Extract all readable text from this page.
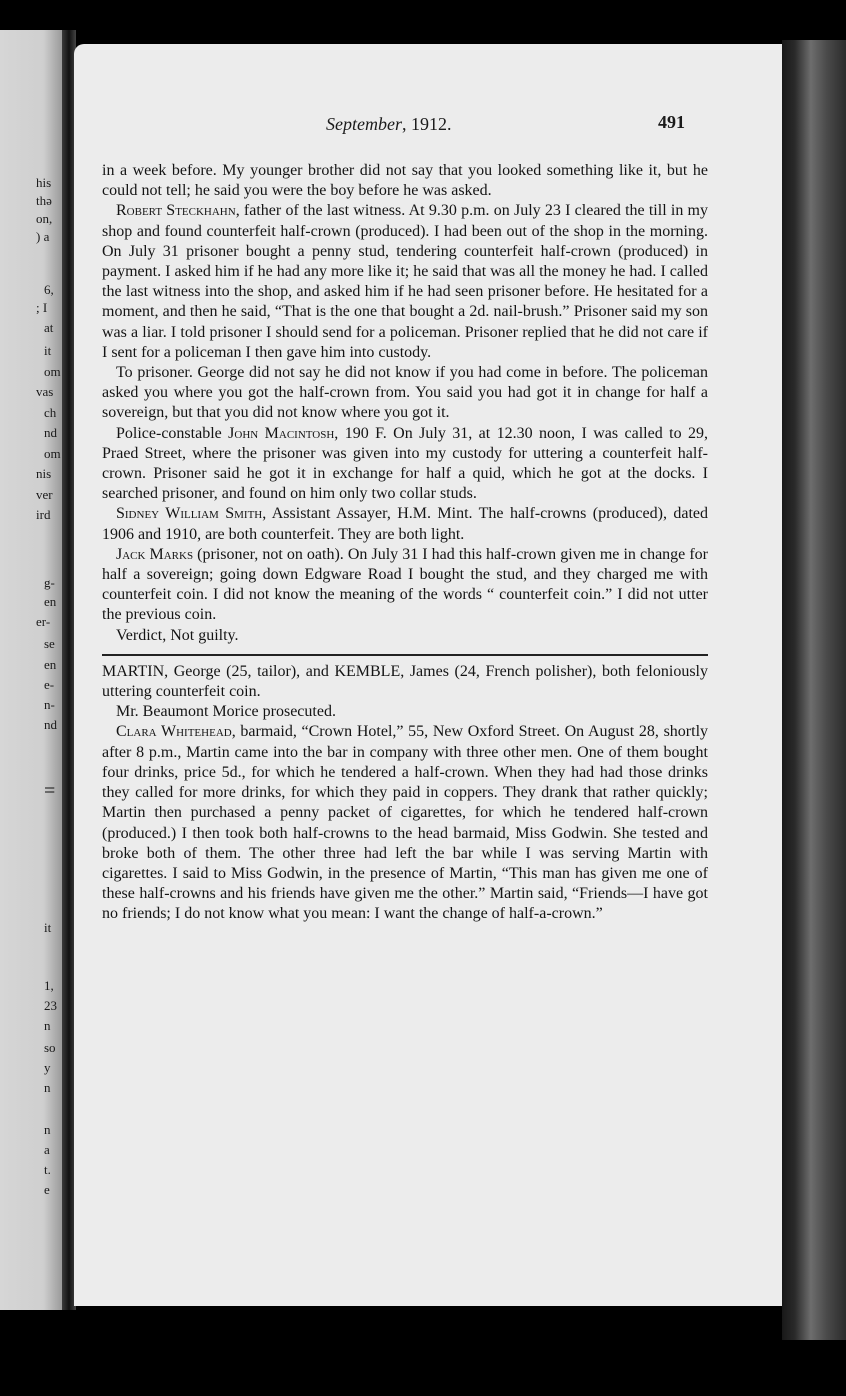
his
thə
on,
) a
6,
; I
at
it
om
vas
ch
nd
om
nis
ver
ird
g-
en
er-
se
en
e-
n-
nd
=
it
1,
23
n
so
y
n
n
a
t.
e
September, 1912.	491

in a week before. My younger brother did not say that you looked something like it, but he could not tell; he said you were the boy before he was asked.

Robert Steckhahn, father of the last witness. At 9.30 p.m. on July 23 I cleared the till in my shop and found counterfeit half-crown (produced). I had been out of the shop in the morning. On July 31 prisoner bought a penny stud, tendering counterfeit half-crown (produced) in payment. I asked him if he had any more like it; he said that was all the money he had. I called the last witness into the shop, and asked him if he had seen prisoner before. He hesitated for a moment, and then he said, “That is the one that bought a 2d. nail-brush.” Prisoner said my son was a liar. I told prisoner I should send for a policeman. Prisoner replied that he did not care if I sent for a policeman I then gave him into custody.

To prisoner. George did not say he did not know if you had come in before. The policeman asked you where you got the half-crown from. You said you had got it in change for half a sovereign, but that you did not know where you got it.

Police-constable John Macintosh, 190 F. On July 31, at 12.30 noon, I was called to 29, Praed Street, where the prisoner was given into my custody for uttering a counterfeit half-crown. Prisoner said he got it in exchange for half a quid, which he got at the docks. I searched prisoner, and found on him only two collar studs.

Sidney William Smith, Assistant Assayer, H.M. Mint. The half-crowns (produced), dated 1906 and 1910, are both counterfeit. They are both light.

Jack Marks (prisoner, not on oath). On July 31 I had this half-crown given me in change for half a sovereign; going down Edgware Road I bought the stud, and they charged me with counterfeit coin. I did not know the meaning of the words “ counterfeit coin.” I did not utter the previous coin.

Verdict, Not guilty.

MARTIN, George (25, tailor), and KEMBLE, James (24, French polisher), both feloniously uttering counterfeit coin.

Mr. Beaumont Morice prosecuted.

Clara Whitehead, barmaid, “Crown Hotel,” 55, New Oxford Street. On August 28, shortly after 8 p.m., Martin came into the bar in company with three other men. One of them bought four drinks, price 5d., for which he tendered a half-crown. When they had had those drinks they called for more drinks, for which they paid in coppers. They drank that rather quickly; Martin then purchased a penny packet of cigarettes, for which he tendered half-crown (produced.) I then took both half-crowns to the head barmaid, Miss Godwin. She tested and broke both of them. The other three had left the bar while I was serving Martin with cigarettes. I said to Miss Godwin, in the presence of Martin, “This man has given me one of these half-crowns and his friends have given me the other.” Martin said, “Friends—I have got no friends; I do not know what you mean: I want the change of half-a-crown.”
